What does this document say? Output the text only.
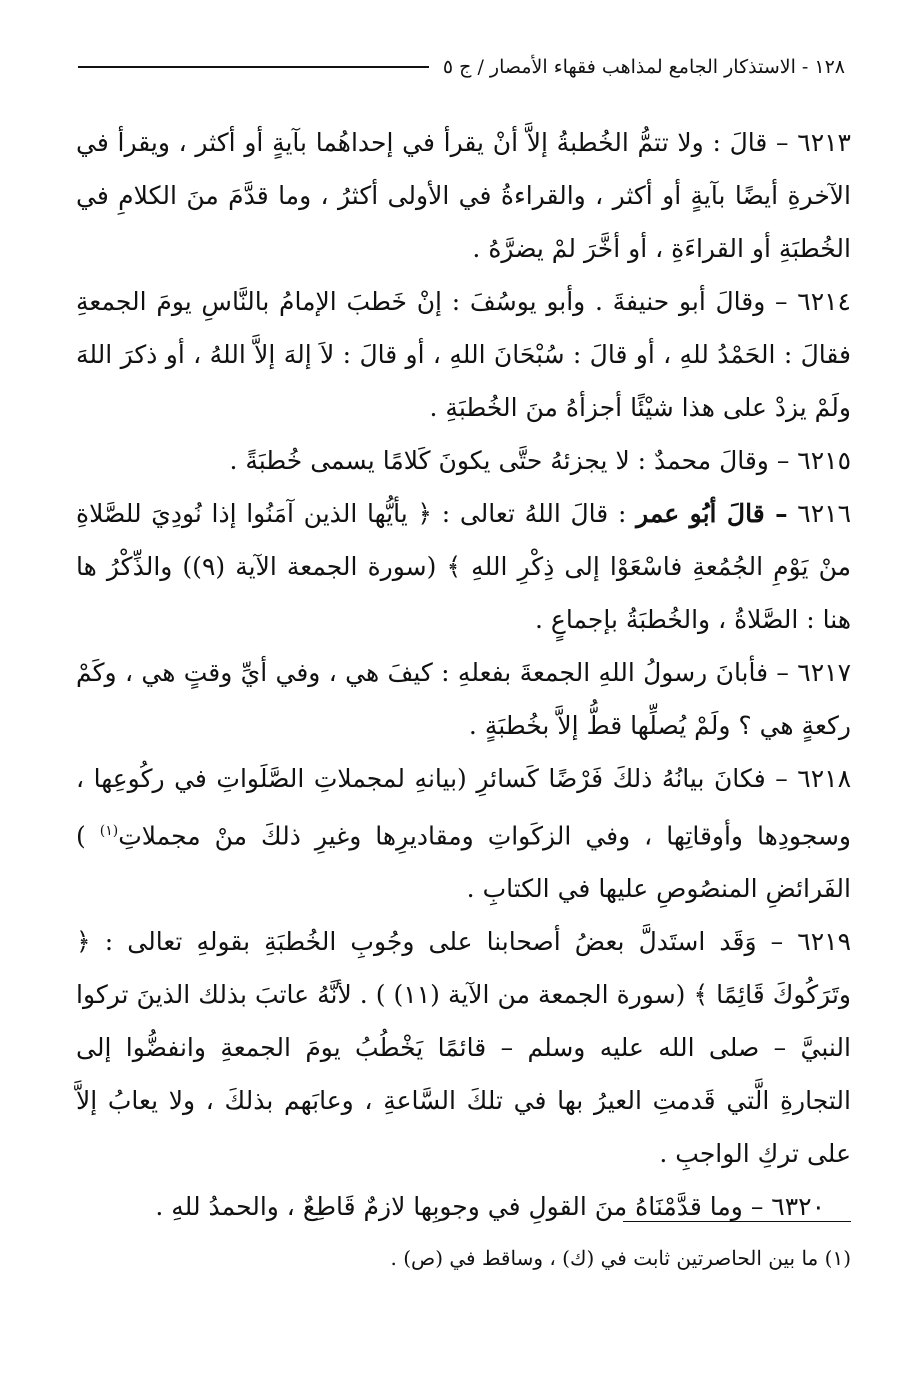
١٢٨ - الاستذكار الجامع لمذاهب فقهاء الأمصار / ج ٥

٦٢١٣ – قالَ : ولا تتمُّ الخُطبةُ إلاَّ أنْ يقرأ في إحداهُما بآيةٍ أو أكثر ، ويقرأ في الآخرةِ أيضًا بآيةٍ أو أكثر ، والقراءةُ في الأولى أكثرُ ، وما قدَّمَ منَ الكلامِ في الخُطبَةِ أو القراءَةِ ، أو أخَّرَ لمْ يضرَّهُ .

٦٢١٤ – وقالَ أبو حنيفةَ . وأبو يوسُفَ : إنْ خَطبَ الإمامُ بالنَّاسِ يومَ الجمعةِ فقالَ : الحَمْدُ للهِ ، أو قالَ : سُبْحَانَ اللهِ ، أو قالَ : لاَ إلهَ إلاَّ اللهُ ، أو ذكرَ اللهَ ولَمْ يزدْ على هذا شيْئًا أجزأهُ منَ الخُطبَةِ .

٦٢١٥ – وقالَ محمدٌ : لا يجزئهُ حتَّى يكونَ كَلامًا يسمى خُطبَةً .

٦٢١٦ – قالَ أبُو عمر : قالَ اللهُ تعالى : ﴿ يأيُّها الذين آمَنُوا إذا نُودِيَ للصَّلاةِ منْ يَوْمِ الجُمُعةِ فاسْعَوْا إلى ذِكْرِ اللهِ ﴾ (سورة الجمعة الآية (٩)) والذِّكْرُ ها هنا : الصَّلاةُ ، والخُطبَةُ بإجماعٍ .

٦٢١٧ – فأبانَ رسولُ اللهِ الجمعةَ بفعلهِ : كيفَ هي ، وفي أيِّ وقتٍ هي ، وكَمْ ركعةٍ هي ؟ ولَمْ يُصلِّها قطُّ إلاَّ بخُطبَةٍ .

٦٢١٨ – فكانَ بيانُهُ ذلكَ فَرْضًا كَسائرِ (بيانهِ لمجملاتِ الصَّلَواتِ في ركُوعِها ، وسجودِها وأوقاتِها ، وفي الزكَواتِ ومقاديرِها وغيرِ ذلكَ منْ مجملاتِ$^{(١)}$ ) الفَرائضِ المنصُوصِ عليها في الكتابِ .

٦٢١٩ – وَقَد استَدلَّ بعضُ أصحابنا على وجُوبِ الخُطبَةِ بقولهِ تعالى : ﴿ وتَرَكُوكَ قَائِمًا ﴾ (سورة الجمعة من الآية (١١) ) . لأنَّهُ عاتبَ بذلك الذينَ تركوا النبيَّ – صلى الله عليه وسلم – قائمًا يَخْطُبُ يومَ الجمعةِ وانفضُّوا إلى التجارةِ الَّتي قَدمتِ العيرُ بها في تلكَ السَّاعةِ ، وعابَهم بذلكَ ، ولا يعابُ إلاَّ على تركِ الواجبِ .

٦٣٢٠ – وما قدَّمْنَاهُ منَ القولِ في وجوبِها لازمٌ قَاطِعٌ ، والحمدُ للهِ .

(١) ما بين الحاصرتين ثابت في (ك) ، وساقط في (ص) .
